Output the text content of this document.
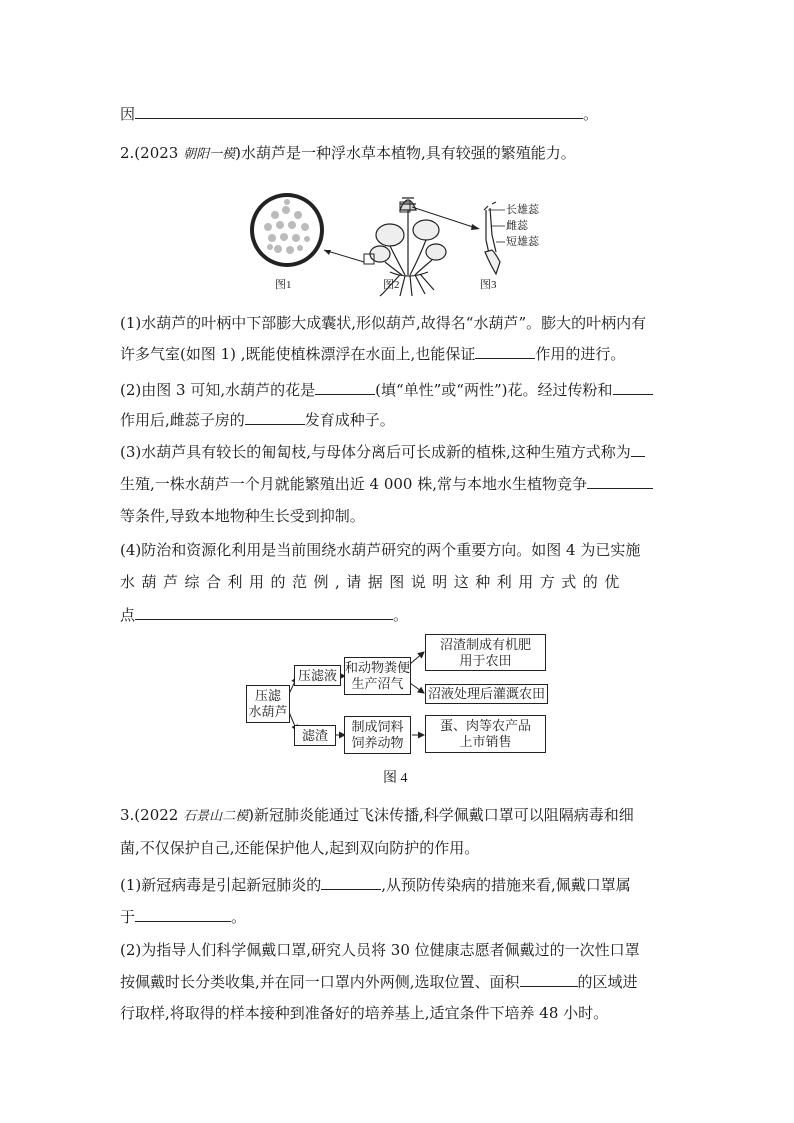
因	。
2.(2023 朝阳一模)水葫芦是一种浮水草本植物,具有较强的繁殖能力。
长雄蕊
雌蕊
短雄蕊
图1	图2	图3
(1)水葫芦的叶柄中下部膨大成囊状,形似葫芦,故得名“水葫芦”。膨大的叶柄内有
许多气室(如图 1) ,既能使植株漂浮在水面上,也能保证	作用的进行。
(2)由图 3 可知,水葫芦的花是	(填“单性”或“两性”)花。经过传粉和
作用后,雌蕊子房的	发育成种子。
(3)水葫芦具有较长的匍匐枝,与母体分离后可长成新的植株,这种生殖方式称为
生殖,一株水葫芦一个月就能繁殖出近 4 000 株,常与本地水生植物竞争
等条件,导致本地物种生长受到抑制。
(4)防治和资源化利用是当前围绕水葫芦研究的两个重要方向。如图 4 为已实施
水葫芦综合利用的范例,请据图说明这种利用方式的优
点	。
压滤
水葫芦
压滤液
滤渣
和动物粪便
生产沼气
制成饲料
饲养动物
沼渣制成有机肥
用于农田
沼液处理后灌溉农田
蛋、肉等农产品
上市销售
图 4
3.(2022 石景山二模)新冠肺炎能通过飞沫传播,科学佩戴口罩可以阻隔病毒和细
菌,不仅保护自己,还能保护他人,起到双向防护的作用。
(1)新冠病毒是引起新冠肺炎的	,从预防传染病的措施来看,佩戴口罩属
于	。
(2)为指导人们科学佩戴口罩,研究人员将 30 位健康志愿者佩戴过的一次性口罩
按佩戴时长分类收集,并在同一口罩内外两侧,选取位置、面积	的区域进
行取样,将取得的样本接种到准备好的培养基上,适宜条件下培养 48 小时。
